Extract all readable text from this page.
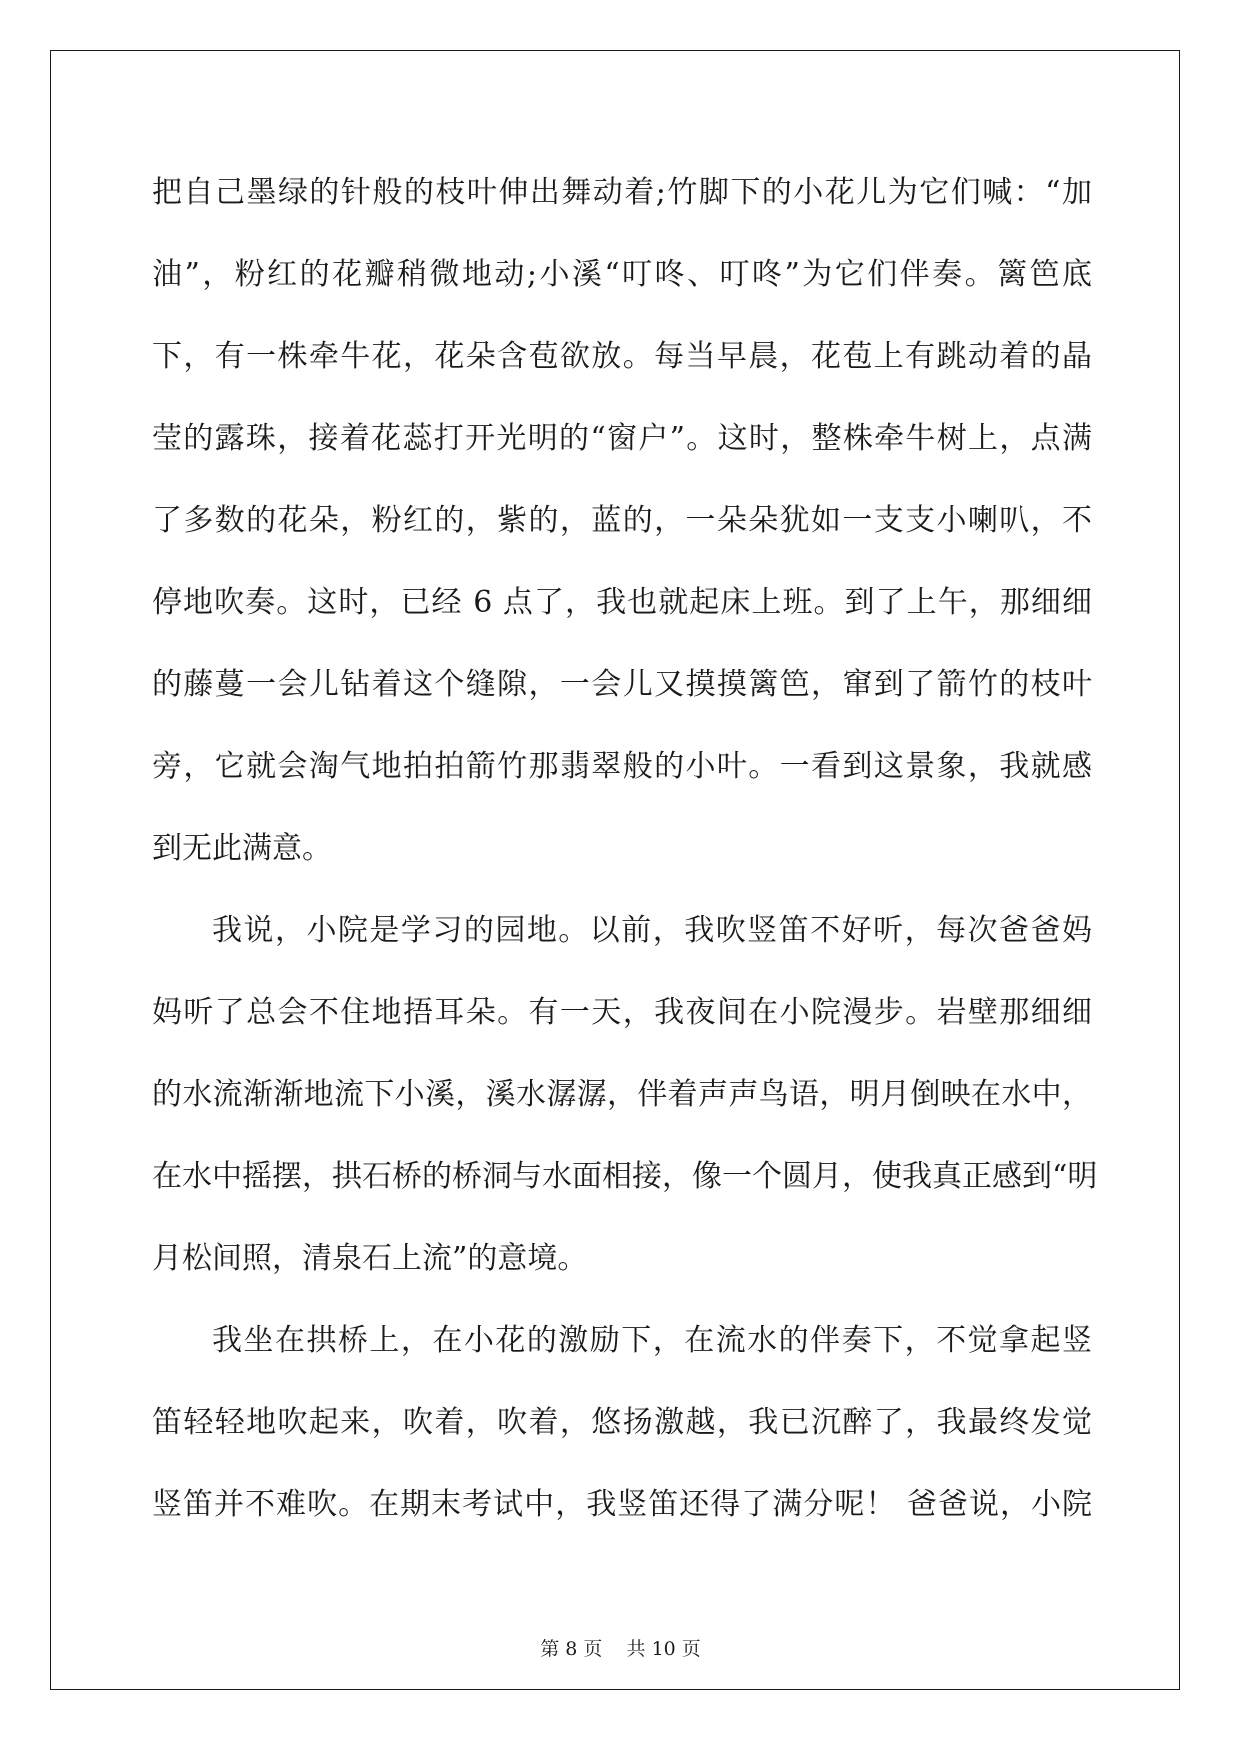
把自己墨绿的针般的枝叶伸出舞动着;竹脚下的小花儿为它们喊：“加
油”，粉红的花瓣稍微地动;小溪“叮咚、叮咚”为它们伴奏。篱笆底
下，有一株牵牛花，花朵含苞欲放。每当早晨，花苞上有跳动着的晶
莹的露珠，接着花蕊打开光明的“窗户”。这时，整株牵牛树上，点满
了多数的花朵，粉红的，紫的，蓝的，一朵朵犹如一支支小喇叭，不
停地吹奏。这时，已经 6 点了，我也就起床上班。到了上午，那细细
的藤蔓一会儿钻着这个缝隙，一会儿又摸摸篱笆，窜到了箭竹的枝叶
旁，它就会淘气地拍拍箭竹那翡翠般的小叶。一看到这景象，我就感
到无此满意。
我说，小院是学习的园地。以前，我吹竖笛不好听，每次爸爸妈
妈听了总会不住地捂耳朵。有一天，我夜间在小院漫步。岩壁那细细
的水流渐渐地流下小溪，溪水潺潺，伴着声声鸟语，明月倒映在水中，
在水中摇摆，拱石桥的桥洞与水面相接，像一个圆月，使我真正感到“明
月松间照，清泉石上流”的意境。
我坐在拱桥上，在小花的激励下，在流水的伴奏下，不觉拿起竖
笛轻轻地吹起来，吹着，吹着，悠扬激越，我已沉醉了，我最终发觉
竖笛并不难吹。在期末考试中，我竖笛还得了满分呢！ 爸爸说，小院
第 8 页    共 10 页
